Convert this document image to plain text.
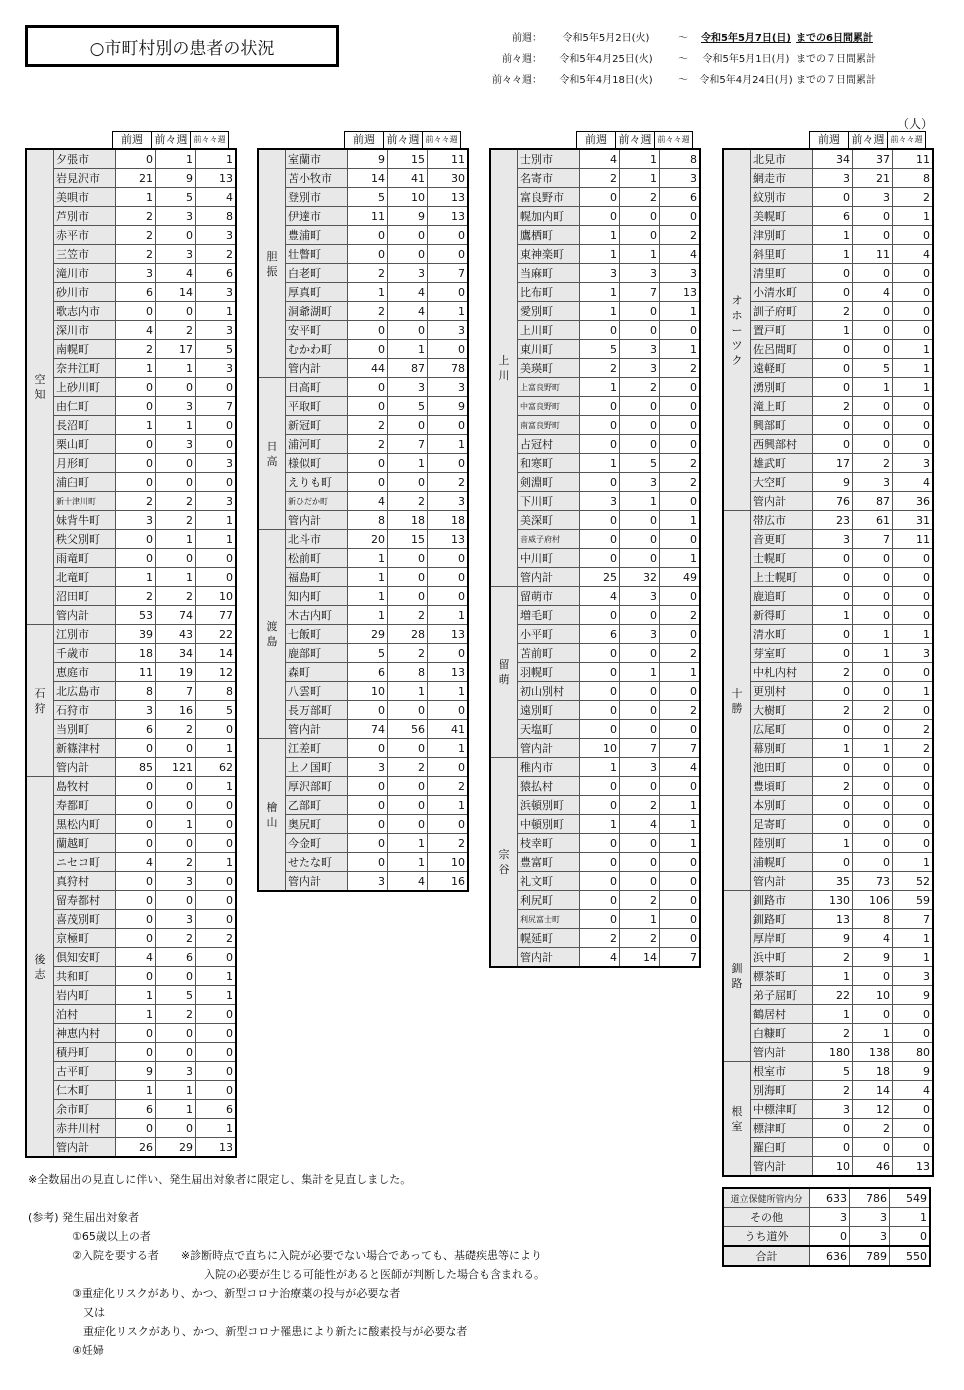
○市町村別の患者の状況	前週：	令和5年5月2日(火)	～	令和5年5月7日(日) までの6日間累計
前々週：	令和5年4月25日(火)	～	令和5年5月1日(月) までの７日間累計
前々々週：	令和5年4月18日(火)	～	令和5年4月24日(月) までの７日間累計
（人）
前週	前々週 前々々週
空
知	夕張市	0	1	1
	岩見沢市	21	9	13
	美唄市	1	5	4
	芦別市	2	3	8
	赤平市	2	0	3
	三笠市	2	3	2
	滝川市	3	4	6
	砂川市	6	14	3
	歌志内市	0	0	1
	深川市	4	2	3
	南幌町	2	17	5
	奈井江町	1	1	3
	上砂川町	0	0	0
	由仁町	0	3	7
	長沼町	1	1	0
	栗山町	0	3	0
	月形町	0	0	3
	浦臼町	0	0	0
	新十津川町	2	2	3
	妹背牛町	3	2	1
	秩父別町	0	1	1
	雨竜町	0	0	0
	北竜町	1	1	0
	沼田町	2	2	10
	管内計	53	74	77

石
狩	江別市	39	43	22
	千歳市	18	34	14
	恵庭市	11	19	12
	北広島市	8	7	8
	石狩市	3	16	5
	当別町	6	2	0
	新篠津村	0	0	1
	管内計	85	121	62

後
志	島牧村	0	0	1
	寿都町	0	0	0
	黒松内町	0	1	0
	蘭越町	0	0	0
	ニセコ町	4	2	1
	真狩村	0	3	0
	留寿都村	0	0	0
	喜茂別町	0	3	0
	京極町	0	2	2
	倶知安町	4	6	0
	共和町	0	0	1
	岩内町	1	5	1
	泊村	1	2	0
	神恵内村	0	0	0
	積丹町	0	0	0
	古平町	9	3	0
	仁木町	1	1	0
	余市町	6	1	6
	赤井川村	0	0	1
	管内計	26	29	13
前週	前々週 前々々週
胆
振	室蘭市	9	15	11
	苫小牧市	14	41	30
	登別市	5	10	13
	伊達市	11	9	13
	豊浦町	0	0	0
	壮瞥町	0	0	0
	白老町	2	3	7
	厚真町	1	4	0
	洞爺湖町	2	4	1
	安平町	0	0	3
	むかわ町	0	1	0
	管内計	44	87	78

日
高	日高町	0	3	3
	平取町	0	5	9
	新冠町	2	0	0
	浦河町	2	7	1
	様似町	0	1	0
	えりも町	0	0	2
	新ひだか町	4	2	3
	管内計	8	18	18

渡
島	北斗市	20	15	13
	松前町	1	0	0
	福島町	1	0	0
	知内町	1	0	0
	木古内町	1	2	1
	七飯町	29	28	13
	鹿部町	5	2	0
	森町	6	8	13
	八雲町	10	1	1
	長万部町	0	0	0
	管内計	74	56	41

檜
山	江差町	0	0	1
	上ノ国町	3	2	0
	厚沢部町	0	0	2
	乙部町	0	0	1
	奥尻町	0	0	0
	今金町	0	1	2
	せたな町	0	1	10
	管内計	3	4	16
前週	前々週 前々々週
上
川	士別市	4	1	8
	名寄市	2	1	3
	富良野市	0	2	6
	幌加内町	0	0	0
	鷹栖町	1	0	2
	東神楽町	1	1	4
	当麻町	3	3	3
	比布町	1	7	13
	愛別町	1	0	1
	上川町	0	0	0
	東川町	5	3	1
	美瑛町	2	3	2
	上富良野町	1	2	0
	中富良野町	0	0	0
	南富良野町	0	0	0
	占冠村	0	0	0
	和寒町	1	5	2
	剣淵町	0	3	2
	下川町	3	1	0
	美深町	0	0	1
	音威子府村	0	0	0
	中川町	0	0	1
	管内計	25	32	49

留
萌	留萌市	4	3	0
	増毛町	0	0	2
	小平町	6	3	0
	苫前町	0	0	2
	羽幌町	0	1	1
	初山別村	0	0	0
	遠別町	0	0	2
	天塩町	0	0	0
	管内計	10	7	7

宗
谷	稚内市	1	3	4
	猿払村	0	0	0
	浜頓別町	0	2	1
	中頓別町	1	4	1
	枝幸町	0	0	1
	豊富町	0	0	0
	礼文町	0	0	0
	利尻町	0	2	0
	利尻富士町	0	1	0
	幌延町	2	2	0
	管内計	4	14	7
前週	前々週 前々々週
オ
ホ
ー
ツ
ク	北見市	34	37	11
	網走市	3	21	8
	紋別市	0	3	2
	美幌町	6	0	1
	津別町	1	0	0
	斜里町	1	11	4
	清里町	0	0	0
	小清水町	0	4	0
	訓子府町	2	0	0
	置戸町	1	0	0
	佐呂間町	0	0	1
	遠軽町	0	5	1
	湧別町	0	1	1
	滝上町	2	0	0
	興部町	0	0	0
	西興部村	0	0	0
	雄武町	17	2	3
	大空町	9	3	4
	管内計	76	87	36

十
勝	帯広市	23	61	31
	音更町	3	7	11
	士幌町	0	0	0
	上士幌町	0	0	0
	鹿追町	0	0	0
	新得町	1	0	0
	清水町	0	1	1
	芽室町	0	1	3
	中札内村	2	0	0
	更別村	0	0	1
	大樹町	2	2	0
	広尾町	0	0	2
	幕別町	1	1	2
	池田町	0	0	0
	豊頃町	2	0	0
	本別町	0	0	0
	足寄町	0	0	0
	陸別町	1	0	0
	浦幌町	0	0	1
	管内計	35	73	52

釧
路	釧路市	130	106	59
	釧路町	13	8	7
	厚岸町	9	4	1
	浜中町	2	9	1
	標茶町	1	0	3
	弟子屈町	22	10	9
	鶴居村	1	0	0
	白糠町	2	1	0
	管内計	180	138	80

根
室	根室市	5	18	9
	別海町	2	14	4
	中標津町	3	12	0
	標津町	0	2	0
	羅臼町	0	0	0
	管内計	10	46	13
道立保健所管内分	633	786	549
その他	3	3	1
うち道外	0	3	0
合計	636	789	550
※全数届出の見直しに伴い、発生届出対象者に限定し、集計を見直しました。

(参考) 発生届出対象者
　　　　①65歳以上の者
　　　　②入院を要する者　　※診断時点で直ちに入院が必要でない場合であっても、基礎疾患等により
　　　　　　　　　　　　　　　　入院の必要が生じる可能性があると医師が判断した場合も含まれる。
　　　　③重症化リスクがあり、かつ、新型コロナ治療薬の投与が必要な者
　　　　　又は
　　　　　重症化リスクがあり、かつ、新型コロナ罹患により新たに酸素投与が必要な者
　　　　④妊婦
